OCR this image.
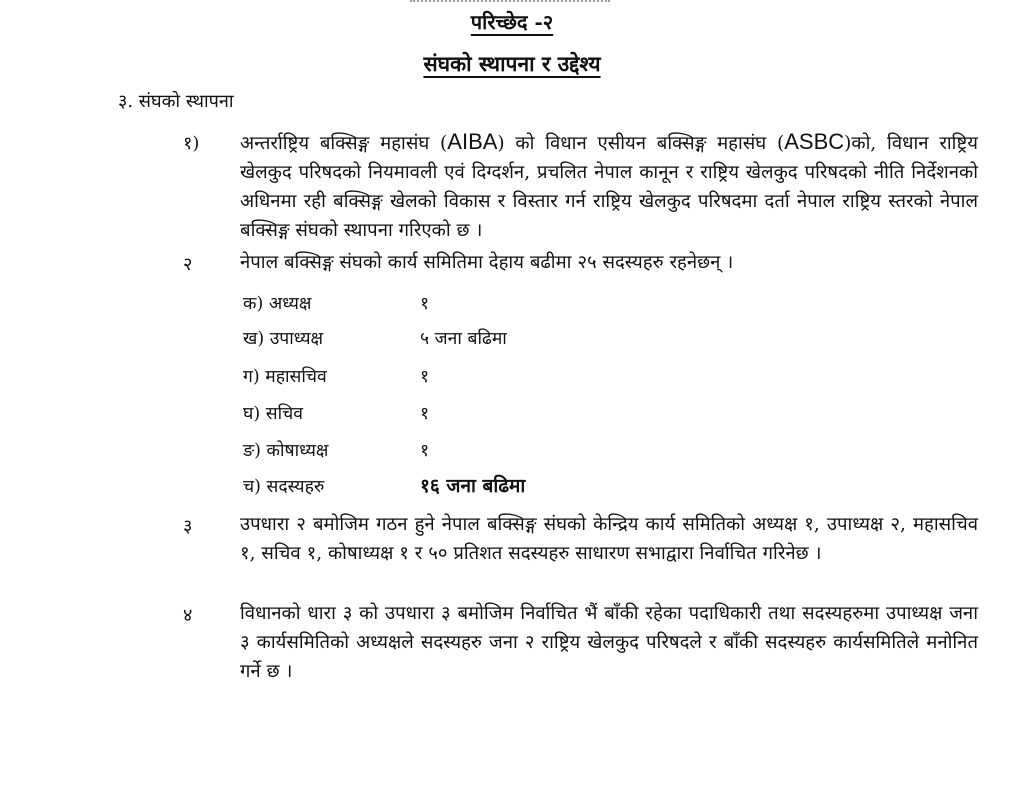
परिच्छेद -२
संघको स्थापना र उद्देश्य
३. संघको स्थापना
१) अन्तर्राष्ट्रिय बक्सिङ्ग महासंघ (AIBA) को विधान एसीयन बक्सिङ्ग महासंघ (ASBC)को, विधान राष्ट्रिय खेलकुद परिषदको नियमावली एवं दिग्दर्शन, प्रचलित नेपाल कानून र राष्ट्रिय खेलकुद परिषदको नीति निर्देशनको अधिनमा रही बक्सिङ्ग खेलको विकास र विस्तार गर्न राष्ट्रिय खेलकुद परिषदमा दर्ता नेपाल राष्ट्रिय स्तरको नेपाल बक्सिङ्ग संघको स्थापना गरिएको छ ।
२	नेपाल बक्सिङ्ग संघको कार्य समितिमा देहाय बढीमा २५ सदस्यहरु रहनेछन् ।
क) अध्यक्ष	१
ख) उपाध्यक्ष	५ जना बढिमा
ग) महासचिव	१
घ) सचिव	१
ङ) कोषाध्यक्ष	१
च) सदस्यहरु	१६ जना बढिमा
३	उपधारा २ बमोजिम गठन हुने नेपाल बक्सिङ्ग संघको केन्द्रिय कार्य समितिको अध्यक्ष १, उपाध्यक्ष २, महासचिव १, सचिव १, कोषाध्यक्ष १ र ५० प्रतिशत सदस्यहरु साधारण सभाद्वारा निर्वाचित गरिनेछ ।
४	विधानको धारा ३ को उपधारा ३ बमोजिम निर्वाचित भैं बाँकी रहेका पदाधिकारी तथा सदस्यहरुमा उपाध्यक्ष जना ३ कार्यसमितिको अध्यक्षले सदस्यहरु जना २ राष्ट्रिय खेलकुद परिषदले र बाँकी सदस्यहरु कार्यसमितिले मनोनित गर्ने छ ।
